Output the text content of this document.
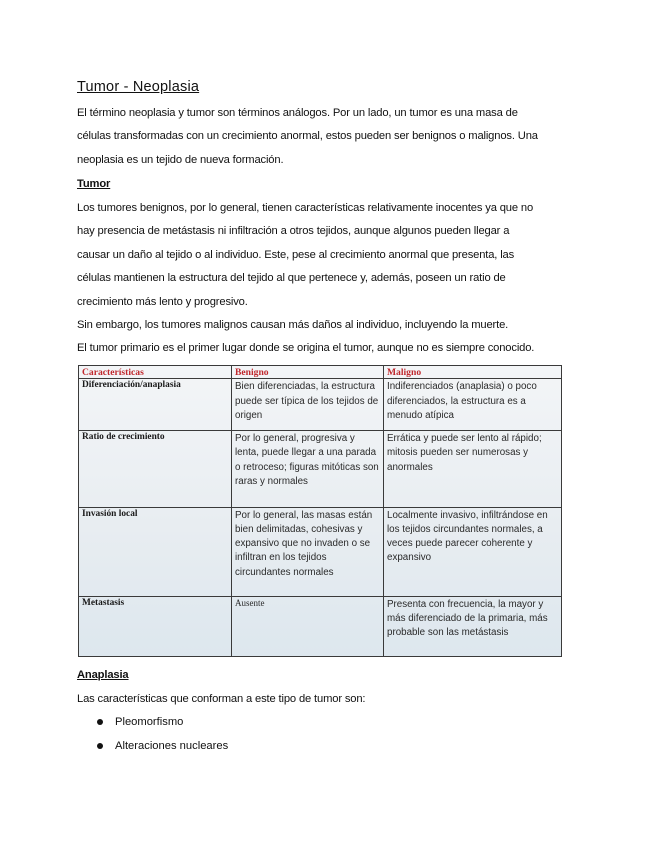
Tumor - Neoplasia
El término neoplasia y tumor son términos análogos. Por un lado, un tumor es una masa de
células transformadas con un crecimiento anormal, estos pueden ser benignos o malignos. Una
neoplasia es un tejido de nueva formación.
Tumor
Los tumores benignos, por lo general, tienen características relativamente inocentes ya que no
hay presencia de metástasis ni infiltración a otros tejidos, aunque algunos pueden llegar a
causar un daño al tejido o al individuo. Este, pese al crecimiento anormal que presenta, las
células mantienen la estructura del tejido al que pertenece y, además, poseen un ratio de
crecimiento más lento y progresivo.
Sin embargo, los tumores malignos causan más daños al individuo, incluyendo la muerte.
El tumor primario es el primer lugar donde se origina el tumor, aunque no es siempre conocido.
Características	Benigno	Maligno
Diferenciación/anaplasia	Bien diferenciadas, la estructura puede ser típica de los tejidos de origen	Indiferenciados (anaplasia) o poco diferenciados, la estructura es a menudo atípica
Ratio de crecimiento	Por lo general, progresiva y lenta, puede llegar a una parada o retroceso; figuras mitóticas son raras y normales	Errática y puede ser lento al rápido; mitosis pueden ser numerosas y anormales
Invasión local	Por lo general, las masas están bien delimitadas, cohesivas y expansivo que no invaden o se infiltran en los tejidos circundantes normales	Localmente invasivo, infiltrándose en los tejidos circundantes normales, a veces puede parecer coherente y expansivo
Metastasis	Ausente	Presenta con frecuencia, la mayor y más diferenciado de la primaria, más probable son las metástasis
Anaplasia
Las características que conforman a este tipo de tumor son:
Pleomorfismo
Alteraciones nucleares
